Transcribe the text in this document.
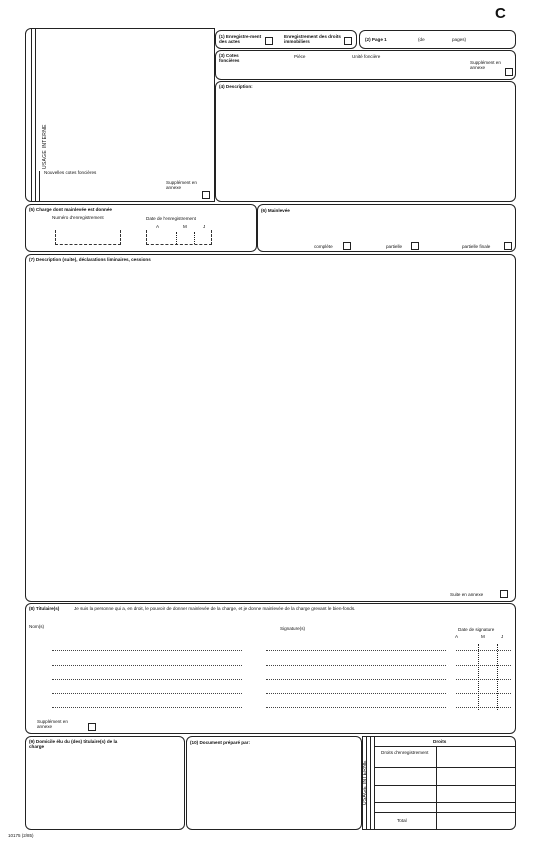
C
USAGE INTERNE
Nouvelles cotes foncières
Supplément en annexe
(1) Enregistre-ment des actes
Enregistrement des droits immobiliers	(2) Page 1	(de	pages)
(3) Cotes foncières
Pièce	Unité foncière
Supplément en annexe
(4) Description:
(5) Charge dont mainlevée est donnée
Numéro d'enregistrement	Date de l'enregistrement
A	M	J
(6) Mainlevée
complète	partielle	partielle finale
(7) Description (suite), déclarations liminaires, cessions
Suite en annexe
(8) Titulaire(s)	Je suis la personne qui a, en droit, le pouvoir de donner mainlevée de la charge, et je donne mainlevée de la charge grevant le bien-fonds.
Nom(s)	Signature(s)	Date de signature
A	M	J
Supplément en annexe
(9) Domicile élu du (des) titulaire(s) de la charge
(10) Document préparé par:
USAGE INTERNE
Droits
Droits d'enregistrement
Total
10175 (2/85)
